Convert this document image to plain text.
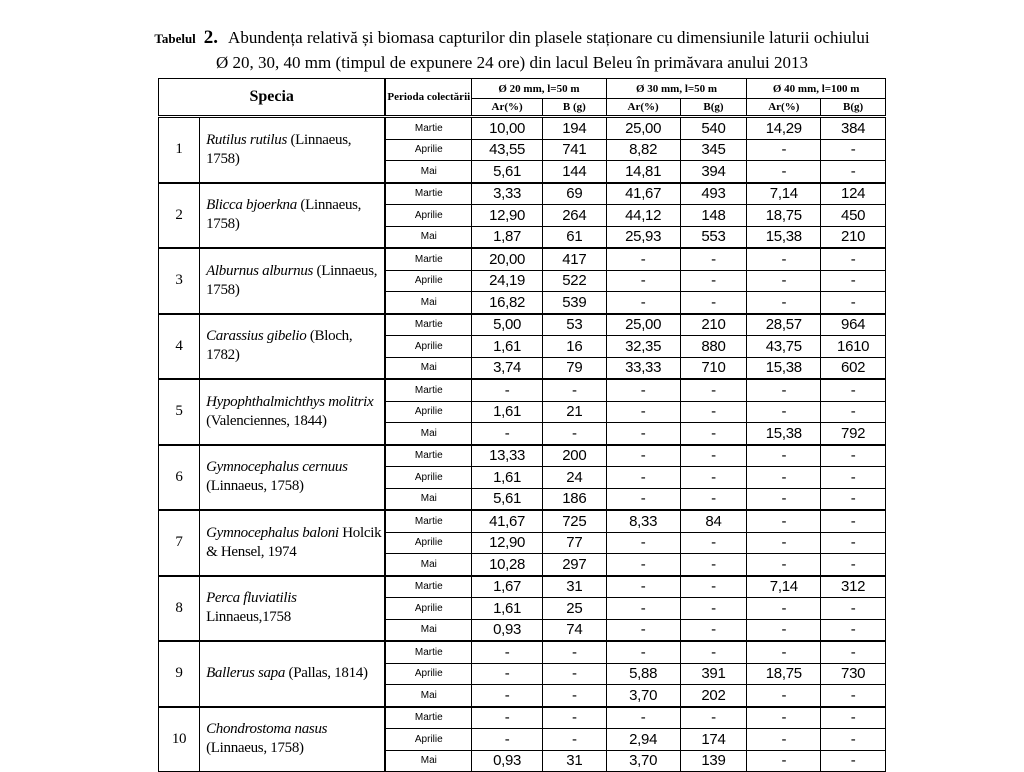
Tabelul 2. Abundența relativă și biomasa capturilor din plasele staționare cu dimensiunile laturii ochiului
Ø 20, 30, 40 mm (timpul de expunere 24 ore) din lacul Beleu în primăvara anului 2013
Specia		Perioda colectării	Ø 20 mm, l=50 m		Ø 30 mm, l=50 m		Ø 40 mm, l=100 m	
			Ar(%)	B (g)	Ar(%)	B(g)	Ar(%)	B(g)
1	Rutilus rutilus (Linnaeus, 1758)	Martie	10,00	194	25,00	540	14,29	384
		Aprilie	43,55	741	8,82	345	-	-
		Mai	5,61	144	14,81	394	-	-
2	Blicca bjoerkna (Linnaeus, 1758)	Martie	3,33	69	41,67	493	7,14	124
		Aprilie	12,90	264	44,12	148	18,75	450
		Mai	1,87	61	25,93	553	15,38	210
3	Alburnus alburnus (Linnaeus, 1758)	Martie	20,00	417	-	-	-	-
		Aprilie	24,19	522	-	-	-	-
		Mai	16,82	539	-	-	-	-
4	Carassius gibelio (Bloch, 1782)	Martie	5,00	53	25,00	210	28,57	964
		Aprilie	1,61	16	32,35	880	43,75	1610
		Mai	3,74	79	33,33	710	15,38	602
5	Hypophthalmichthys molitrix (Valenciennes, 1844)	Martie	-	-	-	-	-	-
		Aprilie	1,61	21	-	-	-	-
		Mai	-	-	-	-	15,38	792
6	Gymnocephalus cernuus (Linnaeus, 1758)	Martie	13,33	200	-	-	-	-
		Aprilie	1,61	24	-	-	-	-
		Mai	5,61	186	-	-	-	-
7	Gymnocephalus baloni Holcik & Hensel, 1974	Martie	41,67	725	8,33	84	-	-
		Aprilie	12,90	77	-	-	-	-
		Mai	10,28	297	-	-	-	-
8	Perca fluviatilis Linnaeus,1758	Martie	1,67	31	-	-	7,14	312
		Aprilie	1,61	25	-	-	-	-
		Mai	0,93	74	-	-	-	-
9	Ballerus sapa (Pallas, 1814)	Martie	-	-	-	-	-	-
		Aprilie	-	-	5,88	391	18,75	730
		Mai	-	-	3,70	202	-	-
10	Chondrostoma nasus (Linnaeus, 1758)	Martie	-	-	-	-	-	-
		Aprilie	-	-	2,94	174	-	-
		Mai	0,93	31	3,70	139	-	-
